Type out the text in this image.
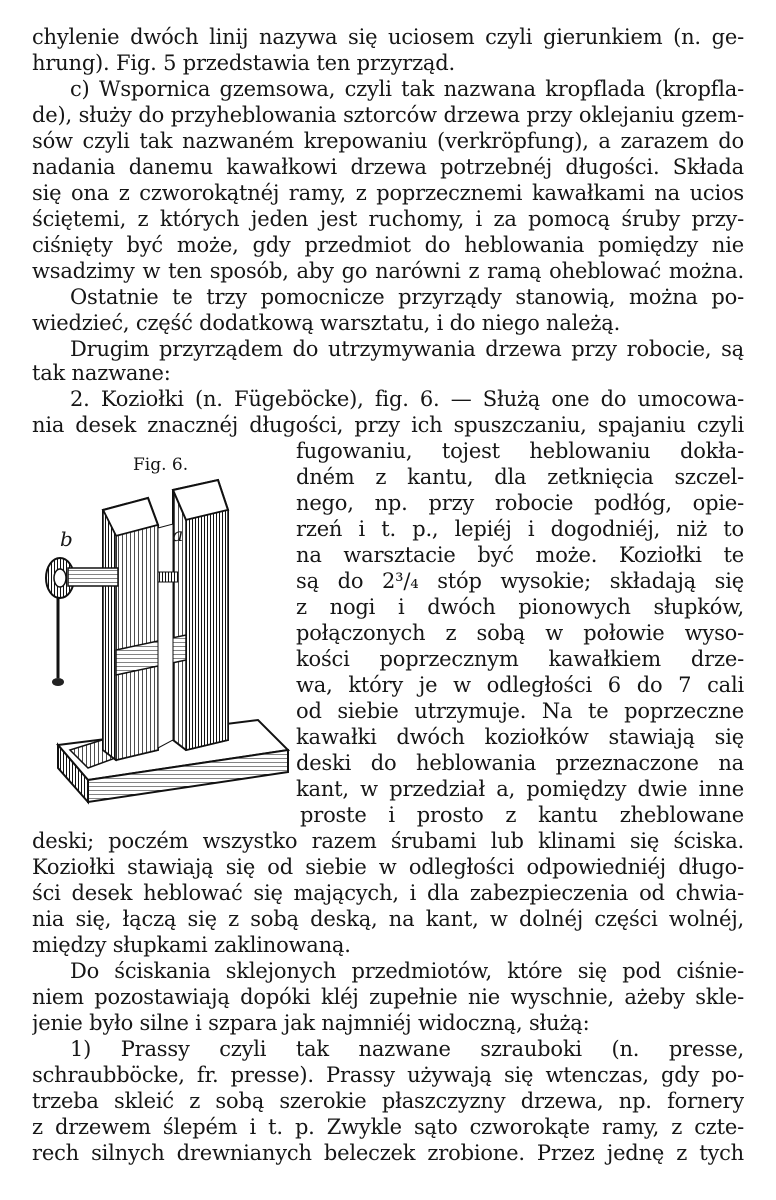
chylenie dwóch linij nazywa się uciosem czyli gierunkiem (n. ge-
hrung). Fig. 5 przedstawia ten przyrząd.
c) Wspornica gzemsowa, czyli tak nazwana kropflada (kropfla-
de), służy do przyheblowania sztorców drzewa przy oklejaniu gzem-
sów czyli tak nazwaném krepowaniu (verkröpfung), a zarazem do
nadania danemu kawałkowi drzewa potrzebnéj długości. Składa
się ona z czworokątnéj ramy, z poprzecznemi kawałkami na ucios
ściętemi, z których jeden jest ruchomy, i za pomocą śruby przy-
ciśnięty być może, gdy przedmiot do heblowania pomiędzy nie
wsadzimy w ten sposób, aby go narówni z ramą oheblować można.
Ostatnie te trzy pomocnicze przyrządy stanowią, można po-
wiedzieć, część dodatkową warsztatu, i do niego należą.
Drugim przyrządem do utrzymywania drzewa przy robocie, są
tak nazwane:
2. Koziołki (n. Fügeböcke), fig. 6. — Służą one do umocowa-
nia desek znacznéj długości, przy ich spuszczaniu, spajaniu czyli
fugowaniu, tojest heblowaniu dokła-
dném z kantu, dla zetknięcia szczel-
nego, np. przy robocie podłóg, opie-
rzeń i t. p., lepiéj i dogodniéj, niż to
na warsztacie być może. Koziołki te
są do 2³/₄ stóp wysokie; składają się
z nogi i dwóch pionowych słupków,
połączonych z sobą w połowie wyso-
kości poprzecznym kawałkiem drze-
wa, który je w odległości 6 do 7 cali
od siebie utrzymuje. Na te poprzeczne
kawałki dwóch koziołków stawiają się
deski do heblowania przeznaczone na
kant, w przedział a, pomiędzy dwie inne
proste i prosto z kantu zheblowane
deski; poczém wszystko razem śrubami lub klinami się ściska.
Koziołki stawiają się od siebie w odległości odpowiedniéj długo-
ści desek heblować się mających, i dla zabezpieczenia od chwia-
nia się, łączą się z sobą deską, na kant, w dolnéj części wolnéj,
między słupkami zaklinowaną.
Do ściskania sklejonych przedmiotów, które się pod ciśnie-
niem pozostawiają dopóki kléj zupełnie nie wyschnie, ażeby skle-
jenie było silne i szpara jak najmniéj widoczną, służą:
1) Prassy czyli tak nazwane szrauboki (n. presse,
schraubböcke, fr. presse). Prassy używają się wtenczas, gdy po-
trzeba skleić z sobą szerokie płaszczyzny drzewa, np. fornery
z drzewem ślepém i t. p. Zwykle sąto czworokąte ramy, z czte-
rech silnych drewnianych beleczek zrobione. Przez jednę z tych
Fig. 6.
b	a
